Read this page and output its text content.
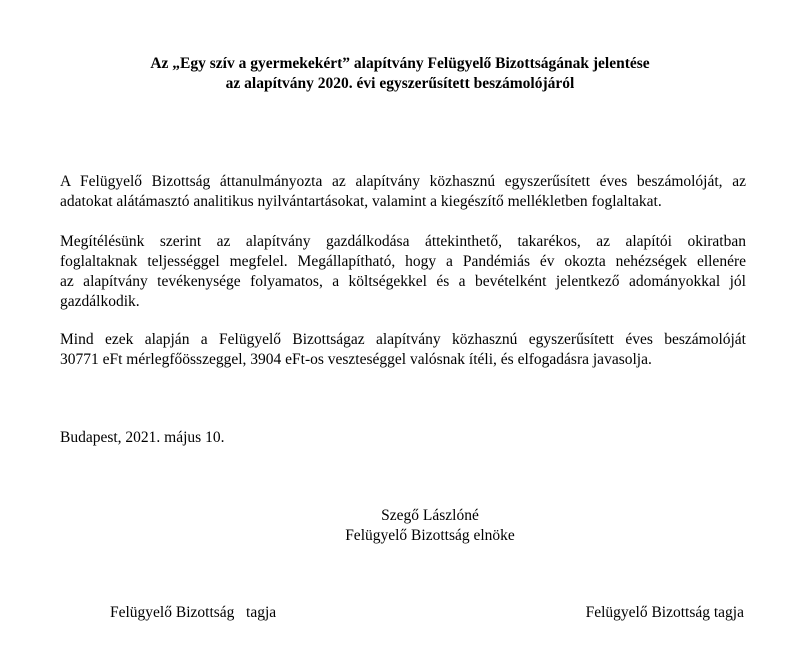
Az „Egy szív a gyermekekért” alapítvány Felügyelő Bizottságának jelentése
az alapítvány 2020. évi egyszerűsített beszámolójáról
A Felügyelő Bizottság áttanulmányozta az alapítvány közhasznú egyszerűsített éves beszámolóját, az
adatokat alátámasztó analitikus nyilvántartásokat, valamint a kiegészítő mellékletben foglaltakat.
Megítélésünk szerint az alapítvány gazdálkodása áttekinthető, takarékos, az alapítói okiratban
foglaltaknak teljességgel megfelel. Megállapítható, hogy a Pandémiás év okozta nehézségek ellenére
az alapítvány tevékenysége folyamatos, a költségekkel és a bevételként jelentkező adományokkal jól
gazdálkodik.
Mind ezek alapján a Felügyelő Bizottságaz alapítvány közhasznú egyszerűsített éves beszámolóját
30771 eFt mérlegfőösszeggel, 3904 eFt-os veszteséggel valósnak ítéli, és elfogadásra javasolja.
Budapest, 2021. május 10.
Szegő Lászlóné
Felügyelő Bizottság elnöke
Felügyelő Bizottság   tagja	Felügyelő Bizottság tagja
